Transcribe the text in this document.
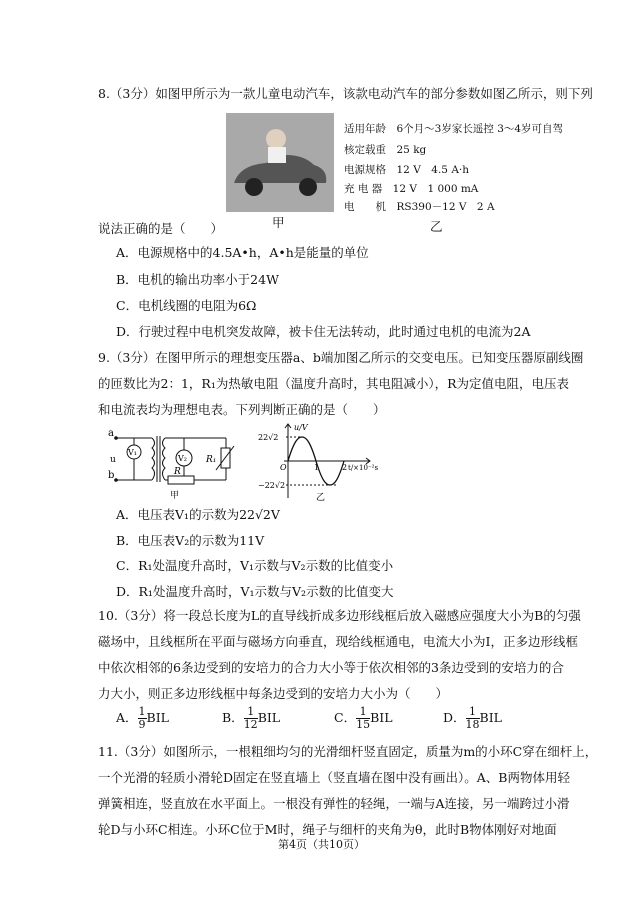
8.（3分）如图甲所示为一款儿童电动汽车，该款电动汽车的部分参数如图乙所示，则下列
甲
适用年龄　6个月～3岁家长遥控 3～4岁可自驾
核定载重　25 kg
电源规格　12 V　4.5 A·h
充 电 器　12 V　1 000 mA
电　　机　RS390－12 V　2 A
乙
说法正确的是（　　）
A．电源规格中的4.5A•h，A•h是能量的单位
B．电机的输出功率小于24W
C．电机线圈的电阻为6Ω
D．行驶过程中电机突发故障，被卡住无法转动，此时通过电机的电流为2A
9.（3分）在图甲所示的理想变压器a、b端加图乙所示的交变电压。已知变压器原副线圈
的匝数比为2：1，R₁为热敏电阻（温度升高时，其电阻减小），R为定值电阻，电压表
和电流表均为理想电表。下列判断正确的是（　　）
a
b
u
V₁
V₂
R
R₁
甲
u/V
22√2
−22√2
O	1	2 t/×10⁻²s
乙
A．电压表V₁的示数为22√2V
B．电压表V₂的示数为11V
C．R₁处温度升高时，V₁示数与V₂示数的比值变小
D．R₁处温度升高时，V₁示数与V₂示数的比值变大
10.（3分）将一段总长度为L的直导线折成多边形线框后放入磁感应强度大小为B的匀强
磁场中，且线框所在平面与磁场方向垂直，现给线框通电，电流大小为I，正多边形线框
中依次相邻的6条边受到的安培力的合力大小等于依次相邻的3条边受到的安培力的合
力大小，则正多边形线框中每条边受到的安培力大小为（　　）
A． $\frac{1}{9}$ BIL	B． $\frac{1}{12}$ BIL	C． $\frac{1}{15}$ BIL	D． $\frac{1}{18}$ BIL
11.（3分）如图所示，一根粗细均匀的光滑细杆竖直固定，质量为m的小环C穿在细杆上，
一个光滑的轻质小滑轮D固定在竖直墙上（竖直墙在图中没有画出）。A、B两物体用轻
弹簧相连，竖直放在水平面上。一根没有弹性的轻绳，一端与A连接，另一端跨过小滑
轮D与小环C相连。小环C位于M时，绳子与细杆的夹角为θ，此时B物体刚好对地面
第4页（共10页）
